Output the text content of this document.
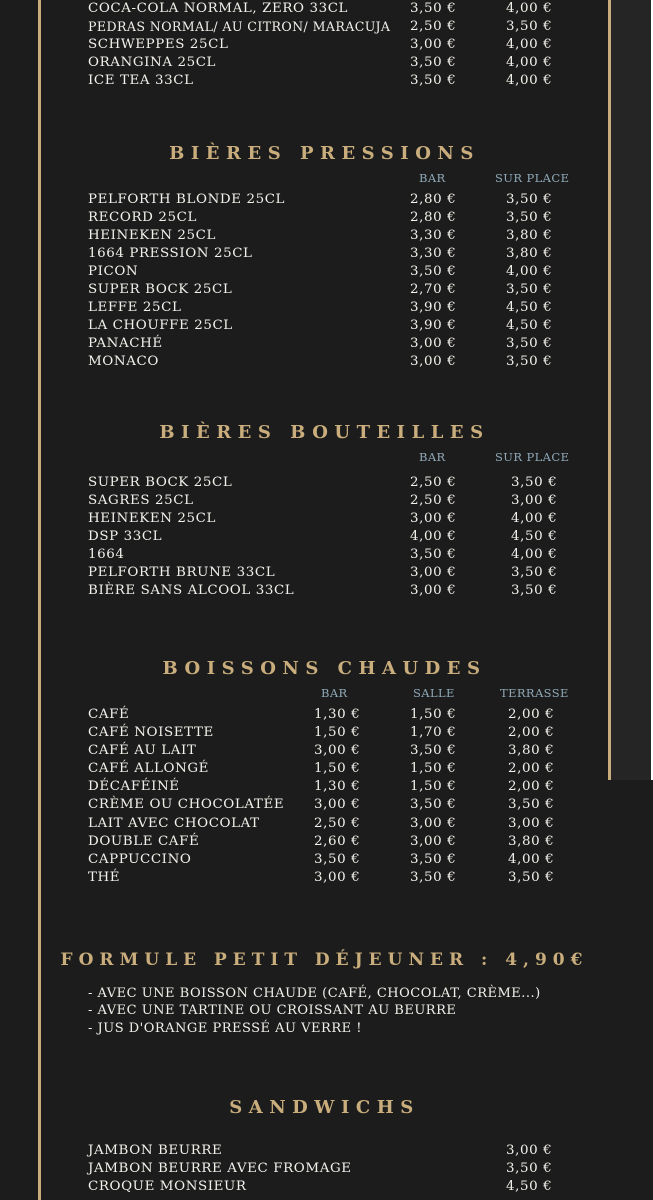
COCA-COLA NORMAL, ZERO 33CL	3,50 €	4,00 €
PEDRAS NORMAL/ AU CITRON/ MARACUJA 2,50 €	3,50 €
SCHWEPPES 25CL	3,00 €	4,00 €
ORANGINA 25CL	3,50 €	4,00 €
ICE TEA 33CL	3,50 €	4,00 €
BIÈRES PRESSIONS
BAR	SUR PLACE
PELFORTH BLONDE 25CL	2,80 €	3,50 €
RECORD 25CL	2,80 €	3,50 €
HEINEKEN 25CL	3,30 €	3,80 €
1664 PRESSION 25CL	3,30 €	3,80 €
PICON	3,50 €	4,00 €
SUPER BOCK 25CL	2,70 €	3,50 €
LEFFE 25CL	3,90 €	4,50 €
LA CHOUFFE 25CL	3,90 €	4,50 €
PANACHÉ	3,00 €	3,50 €
MONACO	3,00 €	3,50 €
BIÈRES BOUTEILLES
BAR	SUR PLACE
SUPER BOCK 25CL	2,50 €	3,50 €
SAGRES 25CL	2,50 €	3,00 €
HEINEKEN 25CL	3,00 €	4,00 €
DSP 33CL	4,00 €	4,50 €
1664	3,50 €	4,00 €
PELFORTH BRUNE 33CL	3,00 €	3,50 €
BIÈRE SANS ALCOOL 33CL	3,00 €	3,50 €
BOISSONS CHAUDES
BAR	SALLE	TERRASSE
CAFÉ	1,30 €	1,50 €	2,00 €
CAFÉ NOISETTE	1,50 €	1,70 €	2,00 €
CAFÉ AU LAIT	3,00 €	3,50 €	3,80 €
CAFÉ ALLONGÉ	1,50 €	1,50 €	2,00 €
DÉCAFÉINÉ	1,30 €	1,50 €	2,00 €
CRÈME OU CHOCOLATÉE 3,00 €	3,50 €	3,50 €
LAIT AVEC CHOCOLAT	2,50 €	3,00 €	3,00 €
DOUBLE CAFÉ	2,60 €	3,00 €	3,80 €
CAPPUCCINO	3,50 €	3,50 €	4,00 €
THÉ	3,00 €	3,50 €	3,50 €
FORMULE PETIT DÉJEUNER : 4,90€
- AVEC UNE BOISSON CHAUDE (CAFÉ, CHOCOLAT, CRÈME...)
- AVEC UNE TARTINE OU CROISSANT AU BEURRE
- JUS D'ORANGE PRESSÉ AU VERRE !
SANDWICHS
JAMBON BEURRE	3,00 €
JAMBON BEURRE AVEC FROMAGE	3,50 €
CROQUE MONSIEUR	4,50 €
